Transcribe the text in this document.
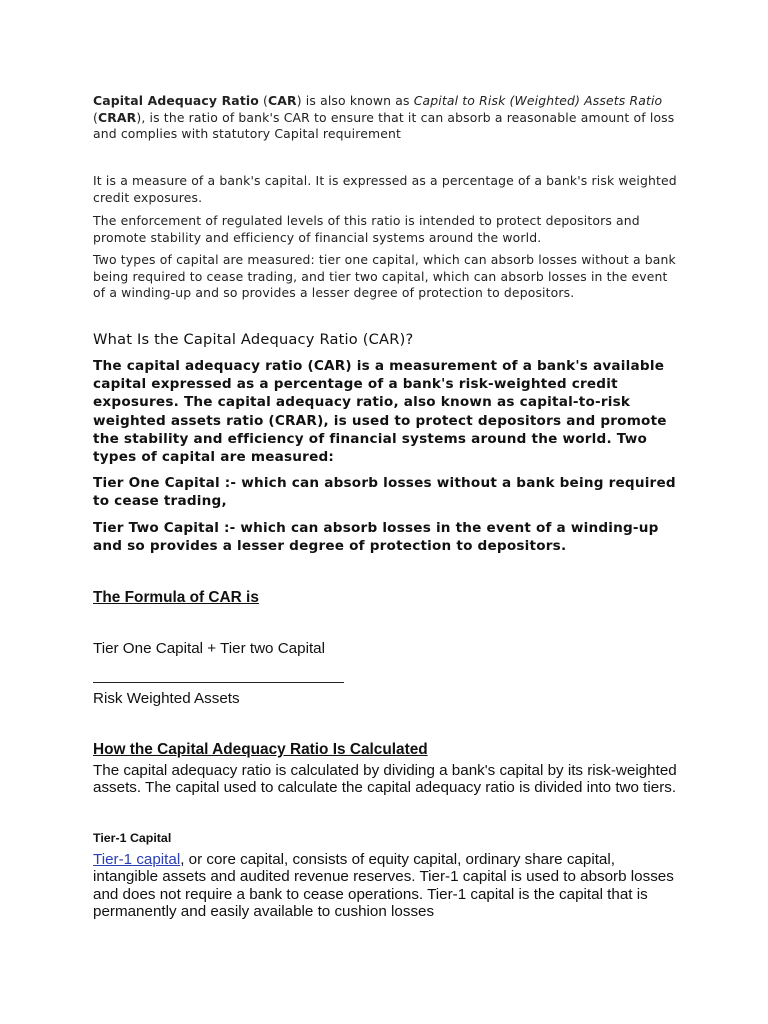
Capital Adequacy Ratio (CAR) is also known as Capital to Risk (Weighted) Assets Ratio (CRAR), is the ratio of bank's CAR to ensure that it can absorb a reasonable amount of loss and complies with statutory Capital requirement

It is a measure of a bank's capital. It is expressed as a percentage of a bank's risk weighted credit exposures.

The enforcement of regulated levels of this ratio is intended to protect depositors and promote stability and efficiency of financial systems around the world.

Two types of capital are measured: tier one capital, which can absorb losses without a bank being required to cease trading, and tier two capital, which can absorb losses in the event of a winding-up and so provides a lesser degree of protection to depositors.

What Is the Capital Adequacy Ratio (CAR)?

The capital adequacy ratio (CAR) is a measurement of a bank's available capital expressed as a percentage of a bank's risk-weighted credit exposures. The capital adequacy ratio, also known as capital-to-risk weighted assets ratio (CRAR), is used to protect depositors and promote the stability and efficiency of financial systems around the world. Two types of capital are measured:

Tier One Capital :- which can absorb losses without a bank being required to cease trading,

Tier Two Capital :- which can absorb losses in the event of a winding-up and so provides a lesser degree of protection to depositors.

The Formula of CAR is

Tier One Capital + Tier two Capital

Risk Weighted Assets

How the Capital Adequacy Ratio Is Calculated

The capital adequacy ratio is calculated by dividing a bank's capital by its risk-weighted assets. The capital used to calculate the capital adequacy ratio is divided into two tiers.

Tier-1 Capital

Tier-1 capital, or core capital, consists of equity capital, ordinary share capital, intangible assets and audited revenue reserves. Tier-1 capital is used to absorb losses and does not require a bank to cease operations. Tier-1 capital is the capital that is permanently and easily available to cushion losses
